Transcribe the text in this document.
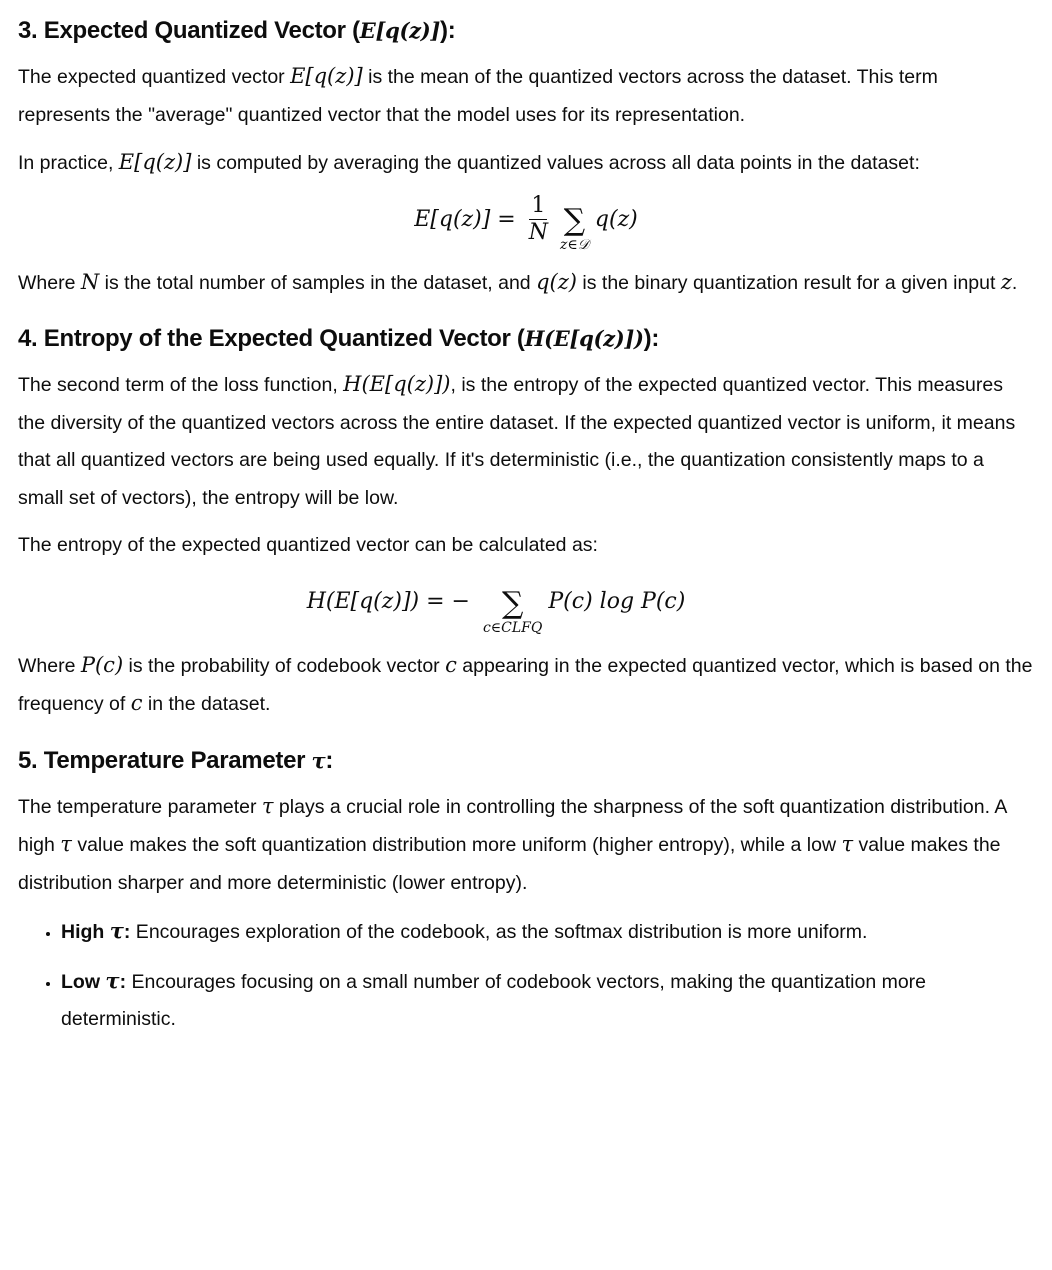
3. Expected Quantized Vector (E[q(z)]):

The expected quantized vector E[q(z)] is the mean of the quantized vectors across the dataset. This term represents the "average" quantized vector that the model uses for its representation.

In practice, E[q(z)] is computed by averaging the quantized values across all data points in the dataset:

$E[q(z)] = \frac{1}{N}$ ∑
z∈𝒟
q(z)

Where N is the total number of samples in the dataset, and q(z) is the binary quantization result for a given input z.

4. Entropy of the Expected Quantized Vector (H(E[q(z)])):

The second term of the loss function, H(E[q(z)]), is the entropy of the expected quantized vector. This measures the diversity of the quantized vectors across the entire dataset. If the expected quantized vector is uniform, it means that all quantized vectors are being used equally. If it's deterministic (i.e., the quantization consistently maps to a small set of vectors), the entropy will be low.

The entropy of the expected quantized vector can be calculated as:

H(E[q(z)]) = − ∑
c∈CLFQ
P(c) log P(c)

Where P(c) is the probability of codebook vector c appearing in the expected quantized vector, which is based on the frequency of c in the dataset.

5. Temperature Parameter τ:

The temperature parameter τ plays a crucial role in controlling the sharpness of the soft quantization distribution. A high τ value makes the soft quantization distribution more uniform (higher entropy), while a low τ value makes the distribution sharper and more deterministic (lower entropy).

• High τ: Encourages exploration of the codebook, as the softmax distribution is more uniform.
• Low τ: Encourages focusing on a small number of codebook vectors, making the quantization more deterministic.
